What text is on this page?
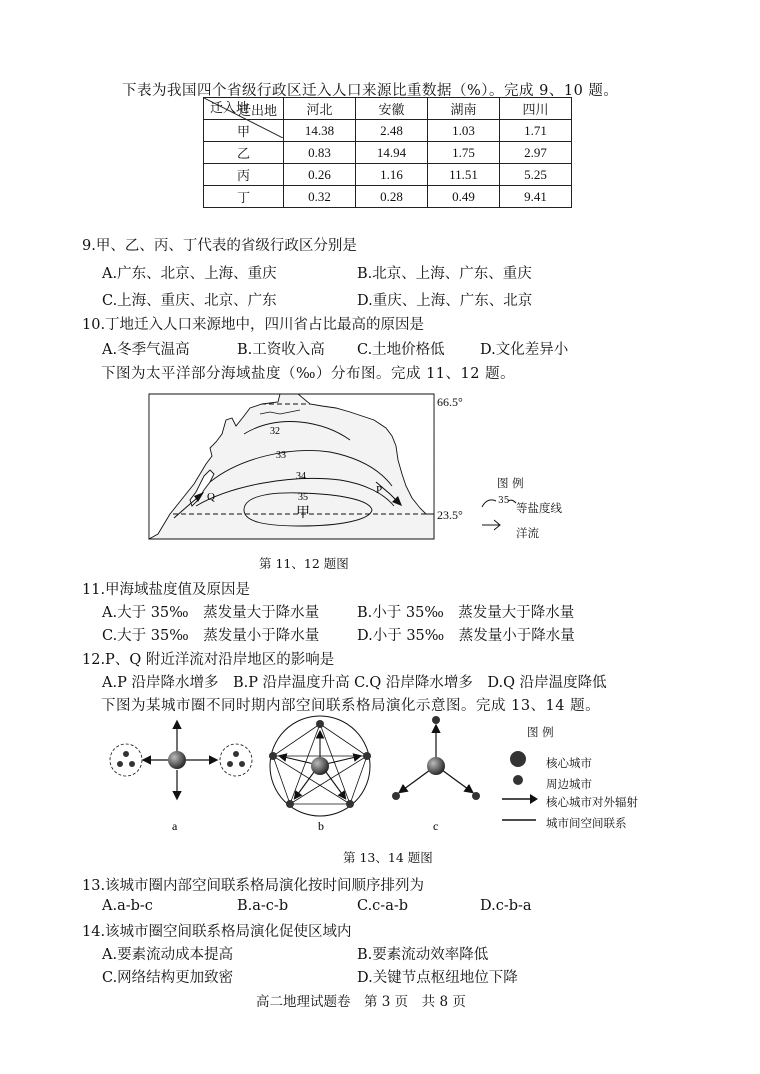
下表为我国四个省级行政区迁入人口来源比重数据（%）。完成 9、10 题。
迁出地
迁入地	河北	安徽	湖南	四川
甲	14.38	2.48	1.03	1.71
乙	0.83	14.94	1.75	2.97
丙	0.26	1.16	11.51	5.25
丁	0.32	0.28	0.49	9.41
9.甲、乙、丙、丁代表的省级行政区分别是
A.广东、北京、上海、重庆	B.北京、上海、广东、重庆
C.上海、重庆、北京、广东	D.重庆、上海、广东、北京
10.丁地迁入人口来源地中，四川省占比最高的原因是
A.冬季气温高	B.工资收入高 C.土地价格低 D.文化差异小
下图为太平洋部分海域盐度（‰）分布图。完成 11、12 题。
32
33
34
35
甲
P
Q
66.5°
23.5°
第 11、12 题图
图 例
35 等盐度线
洋流
11.甲海域盐度值及原因是
A.大于 35‰　蒸发量大于降水量	B.小于 35‰　蒸发量大于降水量
C.大于 35‰　蒸发量小于降水量	D.小于 35‰　蒸发量小于降水量
12.P、Q 附近洋流对沿岸地区的影响是
A.P 沿岸降水增多　B.P 沿岸温度升高 C.Q 沿岸降水增多　D.Q 沿岸温度降低
下图为某城市圈不同时期内部空间联系格局演化示意图。完成 13、14 题。
a	b	c
图 例
核心城市
周边城市
核心城市对外辐射
城市间空间联系
第 13、14 题图
13.该城市圈内部空间联系格局演化按时间顺序排列为
A.a-b-c	B.a-c-b	C.c-a-b	D.c-b-a
14.该城市圈空间联系格局演化促使区域内
A.要素流动成本提高	B.要素流动效率降低
C.网络结构更加致密	D.关键节点枢纽地位下降
高二地理试题卷　第 3 页　共 8 页
